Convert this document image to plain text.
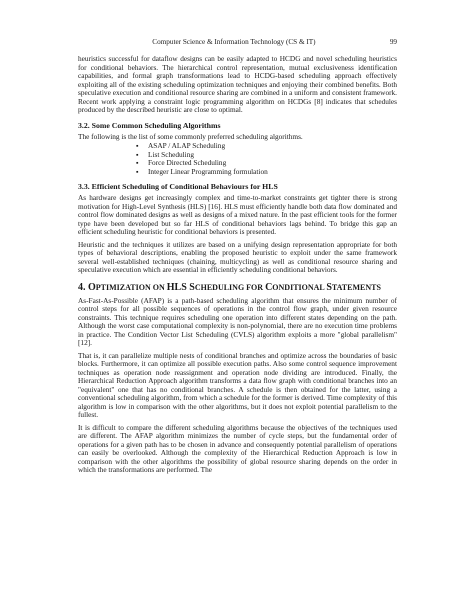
Computer Science & Information Technology (CS & IT)	99

heuristics successful for dataflow designs can be easily adapted to HCDG and novel scheduling heuristics for conditional behaviors. The hierarchical control representation, mutual exclusiveness identification capabilities, and formal graph transformations lead to HCDG-based scheduling approach effectively exploiting all of the existing scheduling optimization techniques and enjoying their combined benefits. Both speculative execution and conditional resource sharing are combined in a uniform and consistent framework. Recent work applying a constraint logic programming algorithm on HCDGs [8] indicates that schedules produced by the described heuristic are close to optimal.

3.2. Some Common Scheduling Algorithms

The following is the list of some commonly preferred scheduling algorithms.

▪ ASAP / ALAP Scheduling
▪ List Scheduling
▪ Force Directed Scheduling
▪ Integer Linear Programming formulation
3.3. Efficient Scheduling of Conditional Behaviours for HLS

As hardware designs get increasingly complex and time-to-market constraints get tighter there is strong motivation for High-Level Synthesis (HLS) [16]. HLS must efficiently handle both data flow dominated and control flow dominated designs as well as designs of a mixed nature. In the past efficient tools for the former type have been developed but so far HLS of conditional behaviors lags behind. To bridge this gap an efficient scheduling heuristic for conditional behaviors is presented.

Heuristic and the techniques it utilizes are based on a unifying design representation appropriate for both types of behavioral descriptions, enabling the proposed heuristic to exploit under the same framework several well-established techniques (chaining, multicycling) as well as conditional resource sharing and speculative execution which are essential in efficiently scheduling conditional behaviors.

4. OPTIMIZATION ON HLS SCHEDULING FOR CONDITIONAL STATEMENTS

As-Fast-As-Possible (AFAP) is a path-based scheduling algorithm that ensures the minimum number of control steps for all possible sequences of operations in the control flow graph, under given resource constraints. This technique requires scheduling one operation into different states depending on the path. Although the worst case computational complexity is non-polynomial, there are no execution time problems in practice. The Condition Vector List Scheduling (CVLS) algorithm exploits a more "global parallelism" [12].

That is, it can parallelize multiple nests of conditional branches and optimize across the boundaries of basic blocks. Furthermore, it can optimize all possible execution paths. Also some control sequence improvement techniques as operation node reassignment and operation node dividing are introduced. Finally, the Hierarchical Reduction Approach algorithm transforms a data flow graph with conditional branches into an "equivalent" one that has no conditional branches. A schedule is then obtained for the latter, using a conventional scheduling algorithm, from which a schedule for the former is derived. Time complexity of this algorithm is low in comparison with the other algorithms, but it does not exploit potential parallelism to the fullest.

It is difficult to compare the different scheduling algorithms because the objectives of the techniques used are different. The AFAP algorithm minimizes the number of cycle steps, but the fundamental order of operations for a given path has to be chosen in advance and consequently potential parallelism of operations can easily be overlooked. Although the complexity of the Hierarchical Reduction Approach is low in comparison with the other algorithms the possibility of global resource sharing depends on the order in which the transformations are performed. The
